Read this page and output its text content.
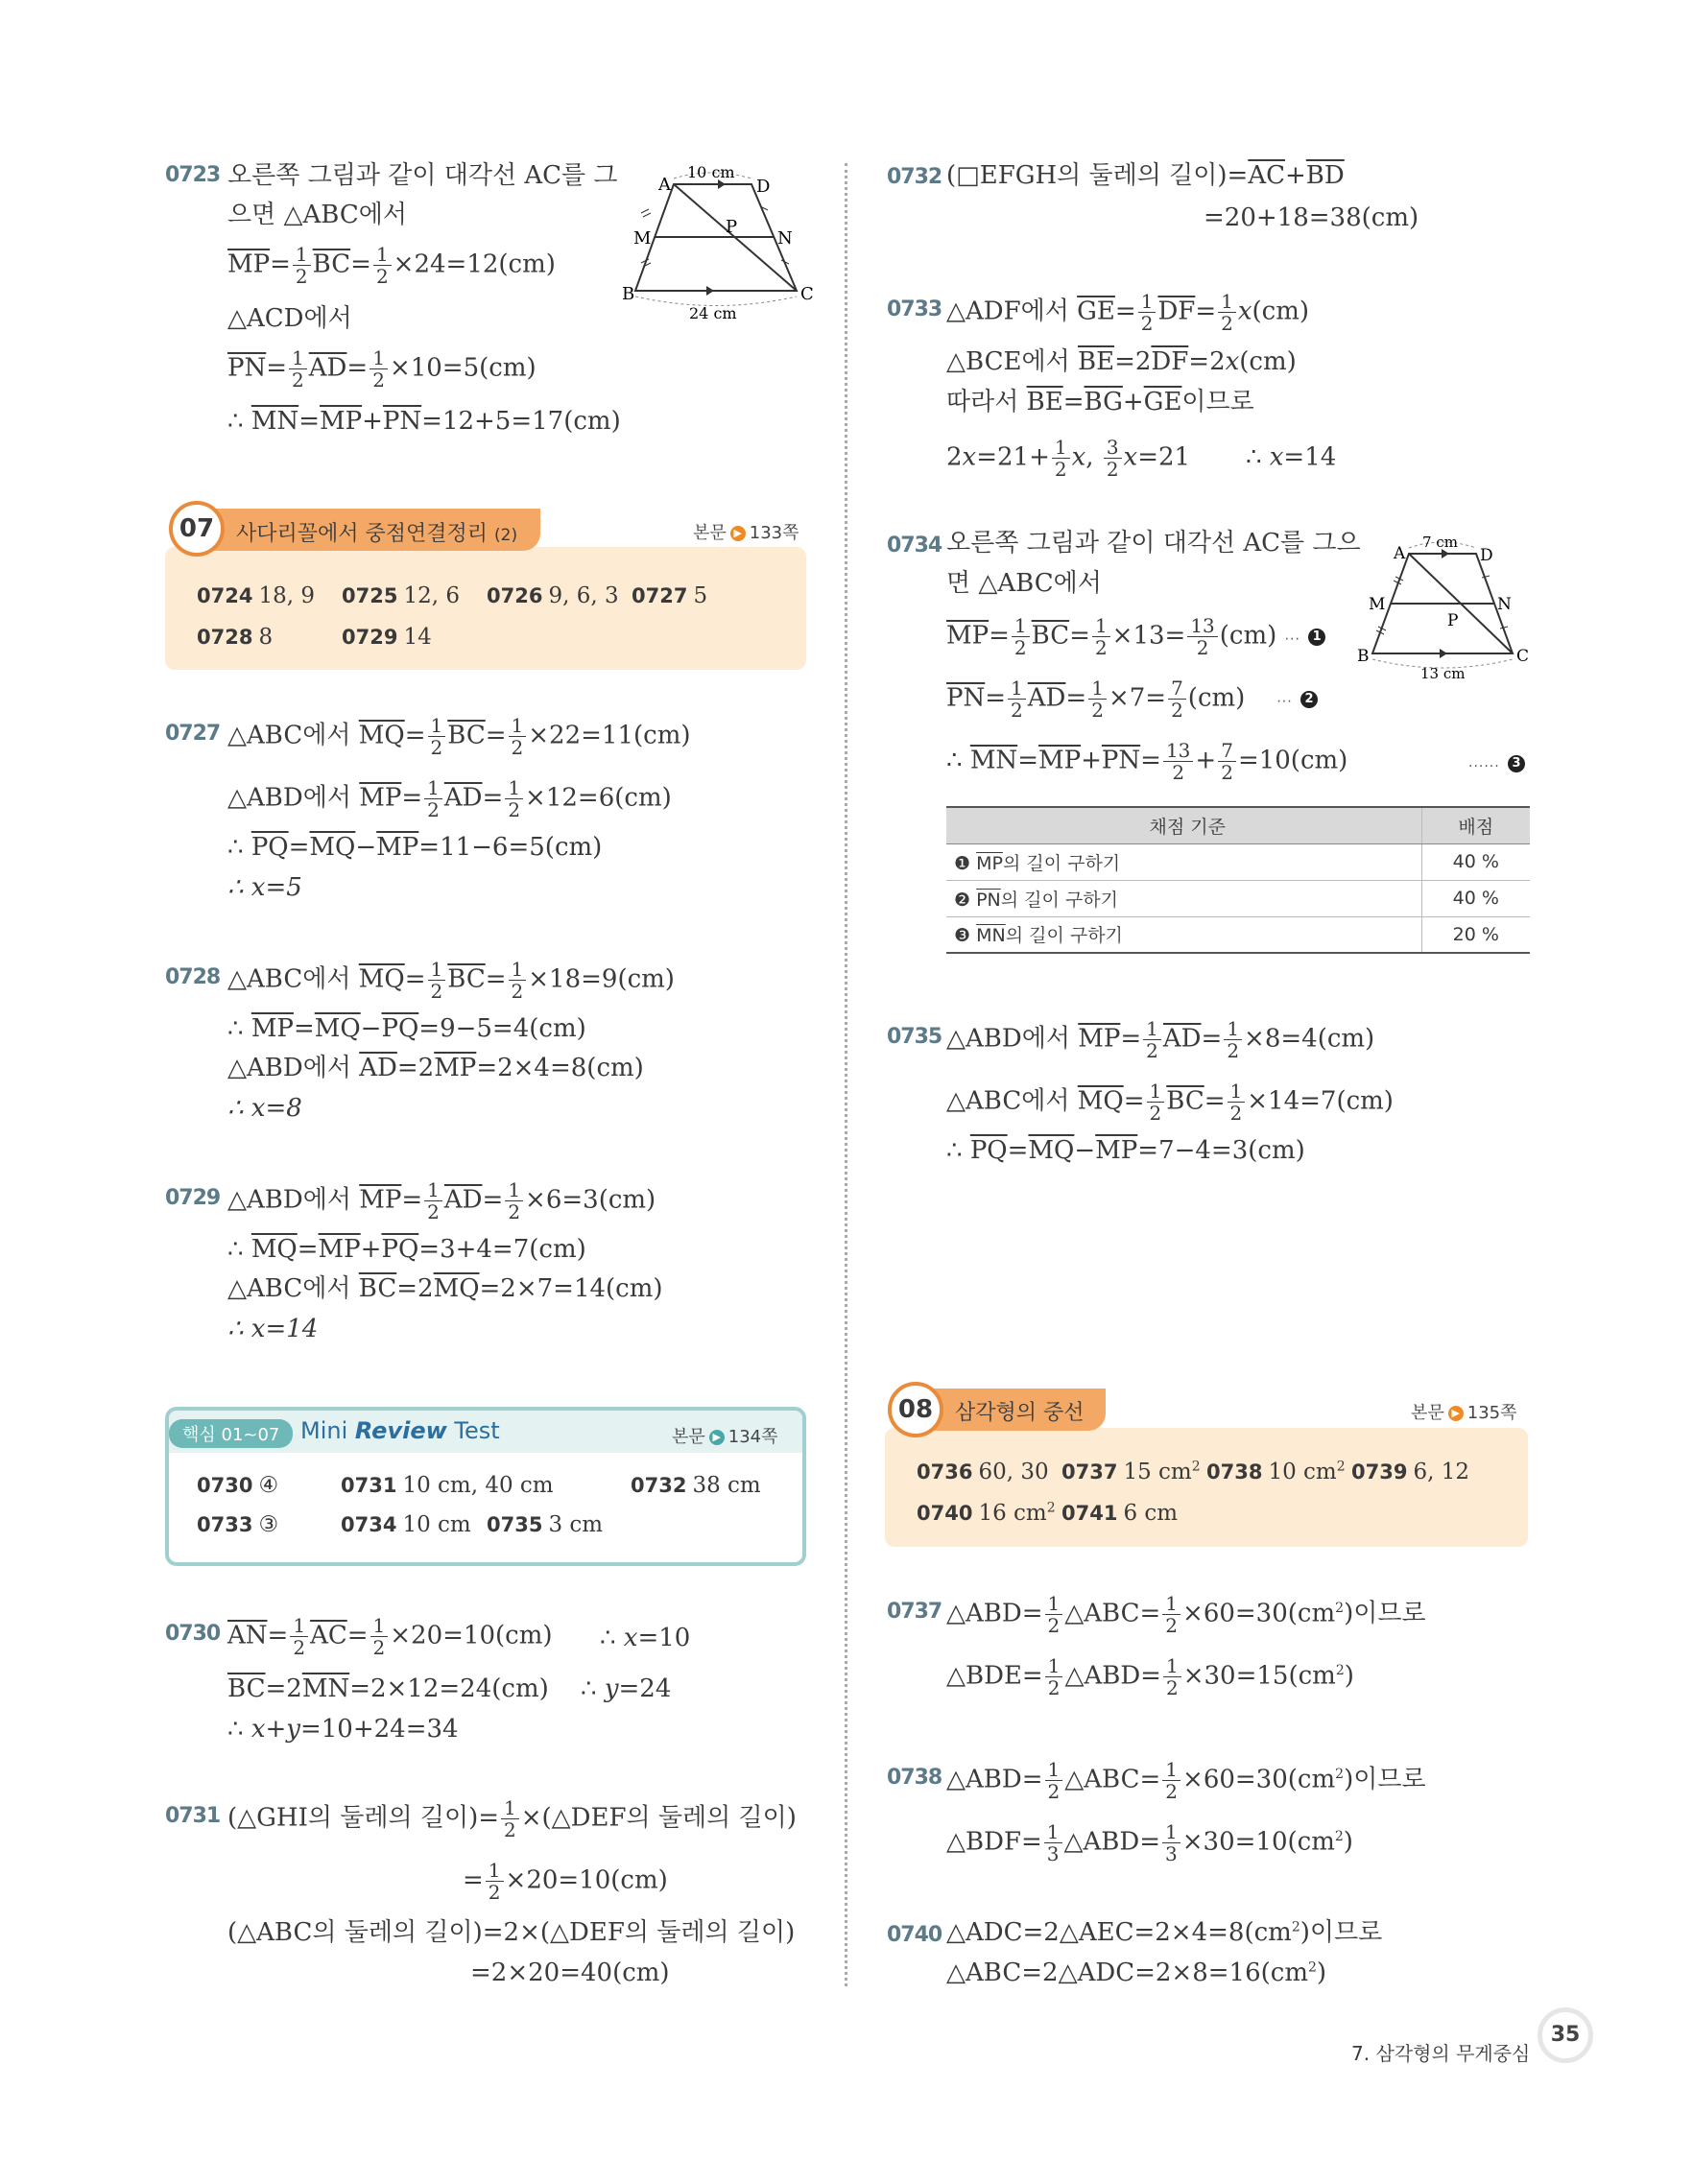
0723 오른쪽 그림과 같이 대각선 AC를 그
으면 △ABC에서
$\overline{MP}= \frac{1}{2} \overline{BC}= \frac{1}{2} \times 24=12(cm)$
△ACD에서
$\overline{PN}= \frac{1}{2} \overline{AD}= \frac{1}{2} \times 10=5(cm)$
∴ $\overline{MN}=\overline{MP}+\overline{PN}=12+5=17(cm)$
A	D
B	C
M	N
P
10 cm
24 cm
07	사다리꼴에서 중점연결정리 (2)	본문 ▶ 133쪽
0724 18, 9 0725 12, 6 0726 9, 6, 3 0727 5
0728 8	0729 14
0727 △ABC에서 $\overline{MQ}= \frac{1}{2} \overline{BC}= \frac{1}{2} \times 22=11(cm)$
△ABD에서 $\overline{MP}= \frac{1}{2} \overline{AD}= \frac{1}{2} \times 12=6(cm)$
∴ $\overline{PQ}=\overline{MQ}-\overline{MP}=11-6=5(cm)$
∴ x=5
0728 △ABC에서 $\overline{MQ}= \frac{1}{2} \overline{BC}= \frac{1}{2} \times 18=9(cm)$
∴ $\overline{MP}=\overline{MQ}-\overline{PQ}=9-5=4(cm)$
△ABD에서 $\overline{AD}=2\overline{MP}=2\times 4=8(cm)$
∴ x=8
0729 △ABD에서 $\overline{MP}= \frac{1}{2} \overline{AD}= \frac{1}{2} \times 6=3(cm)$
∴ $\overline{MQ}=\overline{MP}+\overline{PQ}=3+4=7(cm)$
△ABC에서 $\overline{BC}=2\overline{MQ}=2\times 7=14(cm)$
∴ x=14
핵심 01~07 Mini Review Test	본문 ▶ 134쪽
0730 ④	0731 10 cm, 40 cm	0732 38 cm
0733 ③	0734 10 cm 0735 3 cm
0730 $\overline{AN}= \frac{1}{2} \overline{AC}= \frac{1}{2} \times 20=10(cm)$ ∴ x=10
$\overline{BC}=2\overline{MN}=2\times 12=24(cm)$ ∴ y=24
∴ x+y=10+24=34
0731 (△GHI의 둘레의 길이)= $\frac{1}{2}$ ×(△DEF의 둘레의 길이)
= $\frac{1}{2} \times 20=10(cm)$
(△ABC의 둘레의 길이)=2×(△DEF의 둘레의 길이)
=2×20=40(cm)
0732 (□EFGH의 둘레의 길이)$=\overline{AC}+\overline{BD}$
=20+18=38(cm)
0733 △ADF에서 $\overline{GE}= \frac{1}{2} \overline{DF}= \frac{1}{2} x(cm)$
△BCE에서 $\overline{BE}=2\overline{DF}=2x(cm)$
따라서 $\overline{BE}=\overline{BG}+\overline{GE}$이므로
$2x=21+ \frac{1}{2} x$, $\frac{3}{2} x=21$       ∴ x=14
0734 오른쪽 그림과 같이 대각선 AC를 그으
면 △ABC에서
$\overline{MP}= \frac{1}{2} \overline{BC}= \frac{1}{2} \times 13= \frac{13}{2} (cm)$ ··· 1
$\overline{PN}= \frac{1}{2} \overline{AD}= \frac{1}{2} \times 7= \frac{7}{2} (cm)$    ··· 2
∴ $\overline{MN}=\overline{MP}+\overline{PN}= \frac{13}{2} + \frac{7}{2} =10(cm)$	······ 3
A	D
B	C
M	N
P
7 cm
13 cm
채점 기준	배점
❶ $\overline{MP}$의 길이 구하기	40 %
❷ $\overline{PN}$의 길이 구하기	40 %
❸ $\overline{MN}$의 길이 구하기	20 %
0735 △ABD에서 $\overline{MP}= \frac{1}{2} \overline{AD}= \frac{1}{2} \times 8=4(cm)$
△ABC에서 $\overline{MQ}= \frac{1}{2} \overline{BC}= \frac{1}{2} \times 14=7(cm)$
∴ $\overline{PQ}=\overline{MQ}-\overline{MP}=7-4=3(cm)$
08	삼각형의 중선	본문 ▶ 135쪽
0736 60, 30 0737 15 $cm^2$ 0738 10 $cm^2$ 0739 6, 12
0740 16 $cm^2$ 0741 6 cm
0737 △ABD= $\frac{1}{2}$ △ABC= $\frac{1}{2} \times 60=30(cm^2)$이므로
△BDE= $\frac{1}{2}$ △ABD= $\frac{1}{2} \times 30=15(cm^2)$
0738 △ABD= $\frac{1}{2}$ △ABC= $\frac{1}{2} \times 60=30(cm^2)$이므로
△BDF= $\frac{1}{3}$ △ABD= $\frac{1}{3} \times 30=10(cm^2)$
0740 $\triangle ADC=2\triangle AEC=2\times 4=8(cm^2)$이므로
$\triangle ABC=2\triangle ADC=2\times 8=16(cm^2)$
7. 삼각형의 무게중심
35
